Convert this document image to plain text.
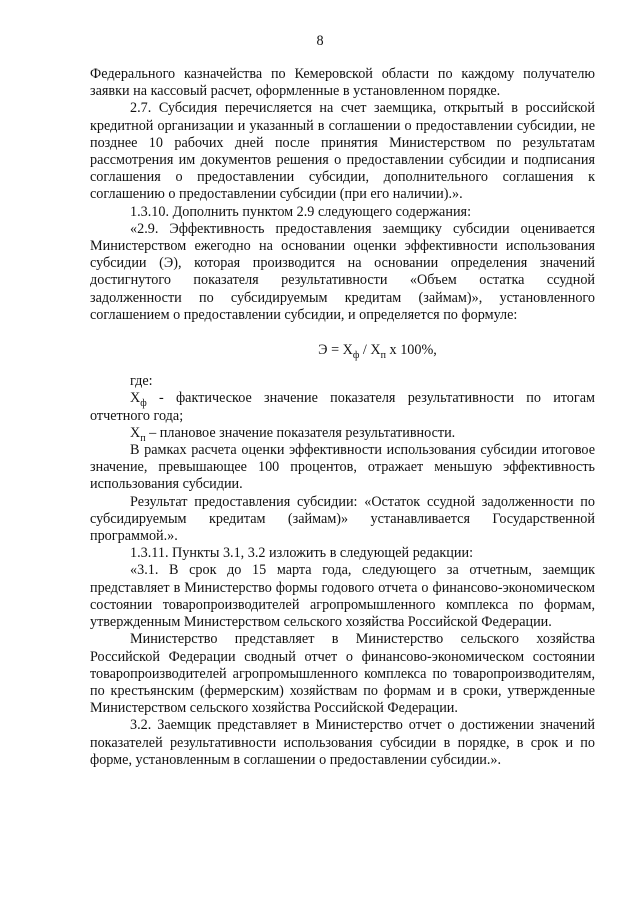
8

Федерального казначейства по Кемеровской области по каждому получателю заявки на кассовый расчет, оформленные в установленном порядке.

2.7. Субсидия перечисляется на счет заемщика, открытый в российской кредитной организации и указанный в соглашении о предоставлении субсидии, не позднее 10 рабочих дней после принятия Министерством по результатам рассмотрения им документов решения о предоставлении субсидии и подписания соглашения о предоставлении субсидии, дополнительного соглашения к соглашению о предоставлении субсидии (при его наличии).».

1.3.10. Дополнить пунктом 2.9 следующего содержания:

«2.9. Эффективность предоставления заемщику субсидии оценивается Министерством ежегодно на основании оценки эффективности использования субсидии (Э), которая производится на основании определения значений достигнутого показателя результативности «Объем остатка ссудной задолженности по субсидируемым кредитам (займам)», установленного соглашением о предоставлении субсидии, и определяется по формуле:

$Э = Х_ф / Х_п$ х 100%,

где:

$Х_ф$ - фактическое значение показателя результативности по итогам отчетного года;

$Х_п$ – плановое значение показателя результативности.

В рамках расчета оценки эффективности использования субсидии итоговое значение, превышающее 100 процентов, отражает меньшую эффективность использования субсидии.

Результат предоставления субсидии: «Остаток ссудной задолженности по субсидируемым кредитам (займам)» устанавливается Государственной программой.».

1.3.11. Пункты 3.1, 3.2 изложить в следующей редакции:

«3.1. В срок до 15 марта года, следующего за отчетным, заемщик представляет в Министерство формы годового отчета о финансово-экономическом состоянии товаропроизводителей агропромышленного комплекса по формам, утвержденным Министерством сельского хозяйства Российской Федерации.

Министерство представляет в Министерство сельского хозяйства Российской Федерации сводный отчет о финансово-экономическом состоянии товаропроизводителей агропромышленного комплекса по товаропроизводителям, по крестьянским (фермерским) хозяйствам по формам и в сроки, утвержденные Министерством сельского хозяйства Российской Федерации.

3.2. Заемщик представляет в Министерство отчет о достижении значений показателей результативности использования субсидии в порядке, в срок и по форме, установленным в соглашении о предоставлении субсидии.».
